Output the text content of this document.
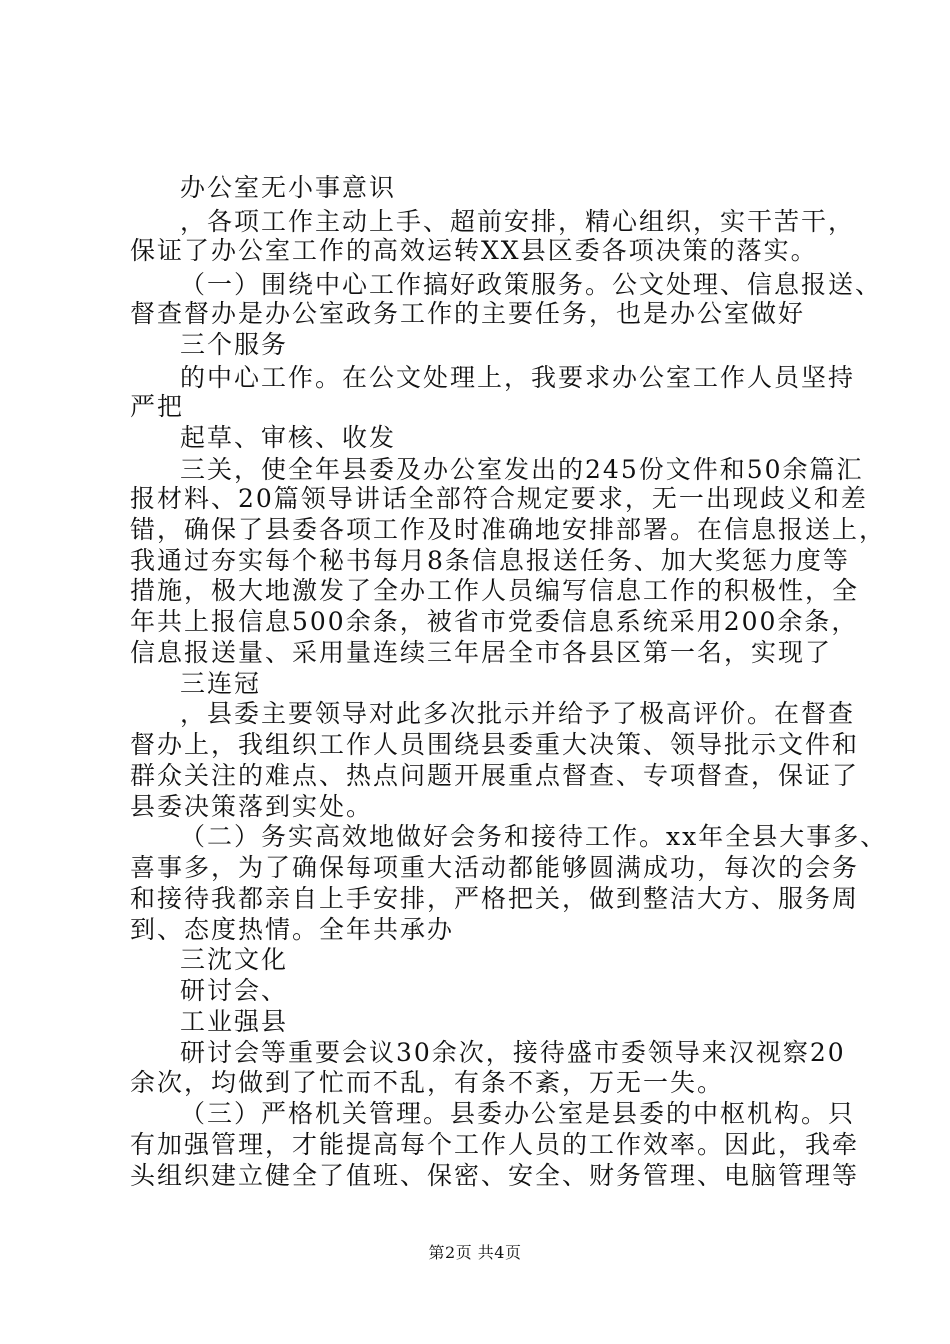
办公室无小事意识
，各项工作主动上手、超前安排，精心组织，实干苦干，
保证了办公室工作的高效运转XX县区委各项决策的落实。
（一）围绕中心工作搞好政策服务。公文处理、信息报送、
督查督办是办公室政务工作的主要任务，也是办公室做好
三个服务
的中心工作。在公文处理上，我要求办公室工作人员坚持
严把
起草、审核、收发
三关，使全年县委及办公室发出的245份文件和50余篇汇
报材料、20篇领导讲话全部符合规定要求，无一出现歧义和差
错，确保了县委各项工作及时准确地安排部署。在信息报送上，
我通过夯实每个秘书每月8条信息报送任务、加大奖惩力度等
措施，极大地激发了全办工作人员编写信息工作的积极性，全
年共上报信息500余条，被省市党委信息系统采用200余条，
信息报送量、采用量连续三年居全市各县区第一名，实现了
三连冠
，县委主要领导对此多次批示并给予了极高评价。在督查
督办上，我组织工作人员围绕县委重大决策、领导批示文件和
群众关注的难点、热点问题开展重点督查、专项督查，保证了
县委决策落到实处。
（二）务实高效地做好会务和接待工作。xx年全县大事多、
喜事多，为了确保每项重大活动都能够圆满成功，每次的会务
和接待我都亲自上手安排，严格把关，做到整洁大方、服务周
到、态度热情。全年共承办
三沈文化
研讨会、
工业强县
研讨会等重要会议30余次，接待盛市委领导来汉视察20
余次，均做到了忙而不乱，有条不紊，万无一失。
（三）严格机关管理。县委办公室是县委的中枢机构。只
有加强管理，才能提高每个工作人员的工作效率。因此，我牵
头组织建立健全了值班、保密、安全、财务管理、电脑管理等
第2页 共4页
